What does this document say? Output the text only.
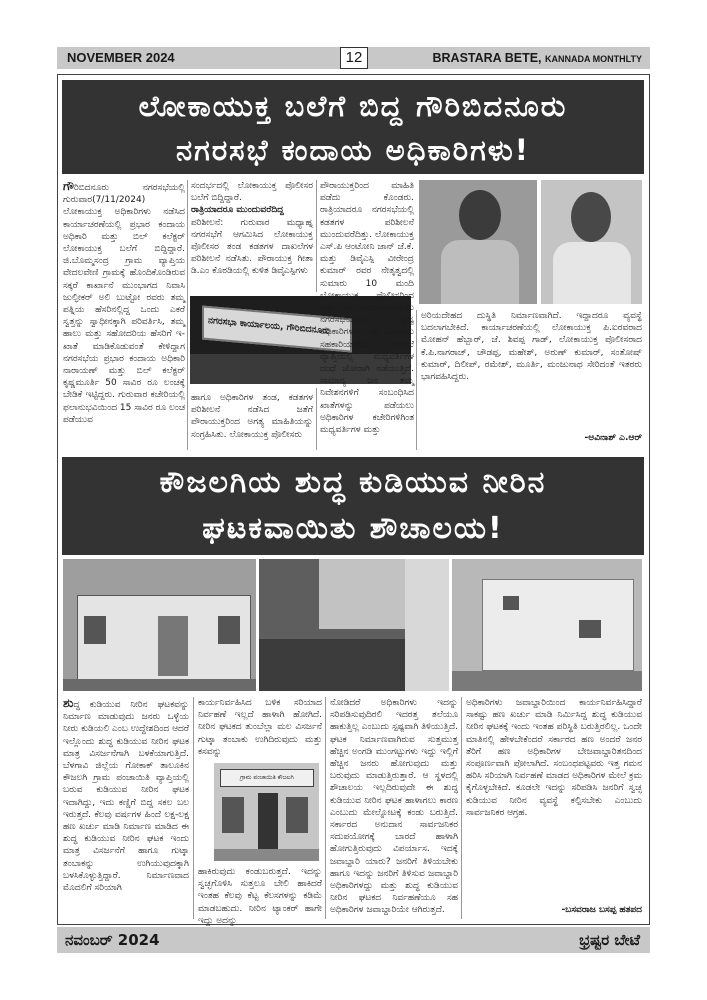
NOVEMBER 2024	12	BRASTARA BETE, KANNADA MONTHLTY
ಲೋಕಾಯುಕ್ತ ಬಲೆಗೆ ಬಿದ್ದ ಗೌರಿಬಿದನೂರು
ನಗರಸಭೆ ಕಂದಾಯ ಅಧಿಕಾರಿಗಳು!

ಗೌರಿಬಿದನೂರು ನಗರಸಭೆಯಲ್ಲಿ ಗುರುವಾರ(7/11/2024) ಲೋಕಾಯುಕ್ತ ಅಧಿಕಾರಿಗಳು ನಡೆಸಿದ ಕಾರ್ಯಾಚರಣೆಯಲ್ಲಿ ಪ್ರಭಾರ ಕಂದಾಯ ಅಧಿಕಾರಿ ಮತ್ತು ಬಿಲ್ ಕಲೆಕ್ಟರ್ ಲೋಕಾಯುಕ್ತ ಬಲೆಗೆ ಬಿದ್ದಿದ್ದಾರೆ. ಜಿ.ಬೊಮ್ಮಸಂದ್ರ ಗ್ರಾಮ ವ್ಯಾಪ್ತಿಯ ವೇದಲವೇಣಿ ಗ್ರಾಮಕ್ಕೆ ಹೊಂದಿಕೊಂಡಿರುವ ಸಕ್ಕರೆ ಕಾರ್ಖಾನೆ ಮುಂಭಾಗದ ನಿವಾಸಿ ಜುಲ್ಫೀಕರ್ ಅಲಿ ಬುಟ್ಟೋ ರವರು ತಮ್ಮ ಪತ್ನಿಯ ಹೆಸರಿನಲ್ಲಿದ್ದ ಒಂದು ಎಕರೆ ಸ್ವತ್ತನ್ನು ಸ್ವಾಧೀನಕ್ಕಾಗಿ ಪರಿವರ್ತಿಸಿ, ತಮ್ಮ ಹಾಲು ಮತ್ತು ಸಹೋದರಿಯ ಹೆಸರಿಗೆ ಇ-ಖಾತೆ ಮಾಡಿಕೊಡುವಂತೆ ಕೇಳಿದ್ದಾಗ ನಗರಸಭೆಯ ಪ್ರಭಾರ ಕಂದಾಯ ಅಧಿಕಾರಿ ನಾರಾಯಣ್ ಮತ್ತು ಬಿಲ್ ಕಲೆಕ್ಟರ್ ಕೃಷ್ಣಮೂರ್ತಿ 50 ಸಾವಿರ ರೂ ಲಂಚಕ್ಕೆ ಬೇಡಿಕೆ ಇಟ್ಟಿದ್ದರು. ಗುರುವಾರ ಕಚೇರಿಯಲ್ಲಿ ಫಲಾನುಭವಿಯಿಂದ 15 ಸಾವಿರ ರೂ ಲಂಚ ಪಡೆಯುವ

ಸಂದರ್ಭದಲ್ಲಿ ಲೋಕಾಯುಕ್ತ ಪೊಲೀಸರ ಬಲೆಗೆ ಬಿದ್ದಿದ್ದಾರೆ.

ರಾತ್ರಿಯಾದರೂ ಮುಂದುವರೆದಿದ್ದ

ಪರಿಶೀಲನೆ: ಗುರುವಾರ ಮಧ್ಯಾಹ್ನ ನಗರಸಭೆಗೆ ಆಗಮಿಸಿದ ಲೋಕಾಯುಕ್ತ ಪೊಲೀಸರ ತಂಡ ಕಡತಗಳ ದಾಖಲೆಗಳ ಪರಿಶೀಲನೆ ನಡೆಸಿತು. ಪೌರಾಯುಕ್ತ ಗೀತಾ ಡಿ.ಎಂ ಕೊಠಡಿಯಲ್ಲಿ ಕುಳಿತ ಡಿವೈಎಸ್ಪಿಗಳು

ನಗರಸಭಾ ಕಾರ್ಯಾಲಯ, ಗೌರಿಬಿದನೂರು

ಹಾಗೂ ಅಧಿಕಾರಿಗಳ ತಂಡ, ಕಡತಗಳ ಪರಿಶೀಲನೆ ನಡೆಸಿದ ಜತೆಗೆ ಪೌರಾಯುಕ್ತರಿಂದ ಅಗತ್ಯ ಮಾಹಿತಿಯನ್ನು ಸಂಗ್ರಹಿಸಿತು. ಲೋಕಾಯುಕ್ತ ಪೊಲೀಸರು

ಪೌರಾಯುಕ್ತರಿಂದ ಮಾಹಿತಿ ಪಡೆದು ಕೊಂಡರು. ರಾತ್ರಿಯಾದರೂ ನಗರಸಭೆಯಲ್ಲಿ ಕಡತಗಳ ಪರಿಶೀಲನೆ ಮುಂದುವರೆದಿತ್ತು. ಲೋಕಾಯುಕ್ತ ಎಸ್.ಪಿ ಆಂಟೋನಿ ಜಾನ್ ಜೆ.ಕೆ. ಮತ್ತು ಡಿವೈಎಸ್ಪಿ ವೀರೇಂದ್ರ ಕುಮಾರ್ ರವರ ನೇತೃತ್ವದಲ್ಲಿ ಸುಮಾರು 10 ಮಂದಿ ಲೋಕಾಯುಕ್ತ ಪೊಲೀಸರಿಂದ ನಡೆದ ಈ ಕಾರ್ಯಾಚರಣೆಯು ನಗರಸಭೆಯಲ್ಲಿನ ಭ್ರಷ್ಟ ಅಧಿಕಾರಿಗಳನ್ನು ಸರಿ ಹಿಡಿಯಲು ಸಹಕಾರಿಯಾಗಿದೆ. ನಗರಸಭೆ ವ್ಯಾಪ್ತಿಯಲ್ಲಿ ಮಧ್ಯವರ್ತಿಗಳ ದಂಧೆ ಜೋರಾಗಿ ನಡೆಯುತ್ತಿದೆ. ಸಾಮಾನ್ಯ ಜನ ತಮ್ಮ ನಿವೇಶನಗಳಿಗೆ ಸಂಬಂಧಿಸಿದ ಖಾತೆಗಳನ್ನು ಪಡೆಯಲು ಅಧಿಕಾರಿಗಳ ಕಚೇರಿಗಳಿಗಿಂತ ಮಧ್ಯವರ್ತಿಗಳ ಮತ್ತು

ಅರಿಯದೇಹದ ದುಸ್ಥಿತಿ ನಿರ್ಮಾಣವಾಗಿದೆ. ಇದ್ದಾದರೂ ವ್ಯವಸ್ಥೆ ಬದಲಾಗಬೇಕಿದೆ. ಕಾರ್ಯಾಚರಣೆಯಲ್ಲಿ ಲೋಕಾಯುಕ್ತ ಪಿ.ಐರವರಾದ ಮೋಹನ್ ಹೆಬ್ಬಾರ್, ಜೆ. ಶಿವಪ್ಪ ಗಾಡ್, ಲೋಕಾಯುಕ್ತ ಪೊಲೀಸರಾದ ಕೆ.ಪಿ.ನಾಗರಾಜ್, ಚೌಡಪ್ಪ, ಮಹೇಶ್, ಅರುಣ್ ಕುಮಾರ್, ಸಂತೋಷ್ ಕುಮಾರ್, ದಿಲೀಪ್, ರಮೇಶ್, ಮೂರ್ತಿ, ಮಂಜುನಾಥ ಸೇರಿದಂತೆ ಇತರರು ಭಾಗವಹಿಸಿದ್ದರು.

-ಅವಿನಾಶ್ ಎ.ಆರ್

ಕೌಜಲಗಿಯ ಶುದ್ಧ ಕುಡಿಯುವ ನೀರಿನ
ಘಟಕವಾಯಿತು ಶೌಚಾಲಯ!

ಶುದ್ಧ ಕುಡಿಯುವ ನೀರಿನ ಘಟಕವನ್ನು ನಿರ್ಮಾಣ ಮಾಡುವುದು ಜನರು ಒಳ್ಳೆಯ ನೀರು ಕುಡಿಯಲಿ ಎಂಬ ಉದ್ದೇಶದಿಂದ ಆದರೆ ಇಲ್ಲೊಂದು ಶುದ್ಧ ಕುಡಿಯುವ ನೀರಿನ ಘಟಕ ಮಾತ್ರ ವಿಸರ್ಜನೆಗಾಗಿ ಬಳಕೆಯಾಗುತ್ತಿದೆ. ಬೆಳಗಾವಿ ಜಿಲ್ಲೆಯ ಗೋಕಾಕ್ ತಾಲೂಕಿನ ಕೌಜಲಗಿ ಗ್ರಾಮ ಪಂಚಾಯಿತಿ ವ್ಯಾಪ್ತಿಯಲ್ಲಿ ಬರುವ ಕುಡಿಯುವ ನೀರಿನ ಘಟಕ ಇದಾಗಿದ್ದು, ಇದು ಕಣ್ಣಿಗೆ ಬಿದ್ದ ಸಕಲ ಬಲ ಇರುತ್ತದೆ. ಕೆಲವು ವರ್ಷಗಳ ಹಿಂದೆ ಲಕ್ಷ-ಲಕ್ಷ ಹಣ ಖರ್ಚು ಮಾಡಿ ನಿರ್ಮಾಣ ಮಾಡಿದ ಈ ಶುದ್ಧ ಕುಡಿಯುವ ನೀರಿನ ಘಟಕ ಇಂದು ಮಾತ್ರ ವಿಸರ್ಜನೆಗೆ ಹಾಗೂ ಗುಟ್ಕಾ ತಂಬಾಕನ್ನು ಉಗಿಯುವುದಕ್ಕಾಗಿ ಬಳಸಿಕೊಳ್ಳುತ್ತಿದ್ದಾರೆ. ನಿರ್ಮಾಣವಾದ ಮೊದಲಿಗೆ ಸರಿಯಾಗಿ

ಕಾರ್ಯನಿರ್ವಹಿಸಿದ ಬಳಿಕ ಸರಿಯಾದ ನಿರ್ವಹಣೆ ಇಲ್ಲದೆ ಹಾಳಾಗಿ ಹೋಗಿದೆ. ನೀರಿನ ಘಟಕದ ತುಂಬೆಲ್ಲಾ ಮಲ ವಿಸರ್ಜನೆ ಗುಟ್ಕಾ ತಂಬಾಕು ಉಗಿದಿರುವುದು ಮತ್ತು ಕಸವನ್ನು

ಗ್ರಾಮ ಪಂಚಾಯಿತಿ ಕೌಜಲಗಿ

ಹಾಕಿರುವುದು ಕಂಡುಬರುತ್ತದೆ. ಇದನ್ನು ಸ್ವಚ್ಛಗೊಳಿಸಿ ಸುತ್ತಲೂ ಬೇಲಿ ಹಾಕಿದರೆ ಇಂತಹ ಕೆಲವು ಕೆಟ್ಟ ಕೆಲಸಗಳನ್ನು ಕಡಿಮೆ ಮಾಡಬಹುದು. ನೀರಿನ ಟ್ಯಾಂಕರ್ ಹಾಗೇ ಇದ್ದು ಅದನ್ನು

ನೋಡಿದರೆ ಅಧಿಕಾರಿಗಳು ಇದನ್ನು ಸರಿಪಡಿಸುವುದಿರಲಿ ಇದರತ್ತ ತಲೆಯೂ ಹಾಕುತ್ತಿಲ್ಲ ಎಂಬುದು ಸ್ಪಷ್ಟವಾಗಿ ತಿಳಿಯುತ್ತಿದೆ. ಘಟಕ ನಿರ್ಮಾಣವಾಗಿರುವ ಸುತ್ತಮುತ್ತ ಹೆಚ್ಚಿನ ಅಂಗಡಿ ಮುಂಗಟ್ಟುಗಳು ಇದ್ದು ಇಲ್ಲಿಗೆ ಹೆಚ್ಚಿನ ಜನರು ಹೋಗುವುದು ಮತ್ತು ಬರುವುದು ಮಾಡುತ್ತಿರುತ್ತಾರೆ. ಆ ಸ್ಥಳದಲ್ಲಿ ಶೌಚಾಲಯ ಇಲ್ಲದಿರುವುದೇ ಈ ಶುದ್ಧ ಕುಡಿಯುವ ನೀರಿನ ಘಟಕ ಹಾಳಾಗಲು ಕಾರಣ ಎಂಬುದು ಮೇಲ್ನೋಟಕ್ಕೆ ಕಂಡು ಬರುತ್ತಿದೆ. ಸರ್ಕಾರದ ಅನುದಾನ ಸಾರ್ವಜನಿಕರ ಸದುಪಯೋಗಕ್ಕೆ ಬಾರದೆ ಹಾಳಾಗಿ ಹೋಗುತ್ತಿರುವುದು ವಿಪರ್ಯಾಸ. ಇದಕ್ಕೆ ಜವಾಬ್ದಾರಿ ಯಾರು? ಜನರಿಗೆ ತಿಳಿಯಬೇಕು ಹಾಗೂ ಇದನ್ನು ಜನರಿಗೆ ತಿಳಿಸುವ ಜವಾಬ್ದಾರಿ ಅಧಿಕಾರಿಗಳದ್ದು ಮತ್ತು ಶುದ್ಧ ಕುಡಿಯುವ ನೀರಿನ ಘಟಕದ ನಿರ್ವಹಣೆಯೂ ಸಹ ಅಧಿಕಾರಿಗಳ ಜವಾಬ್ದಾರಿಯೇ ಆಗಿರುತ್ತದೆ.

ಅಧಿಕಾರಿಗಳು ಜವಾಬ್ದಾರಿಯಿಂದ ಕಾರ್ಯನಿರ್ವಹಿಸಿದ್ದಾರೆ ಸಾಕಷ್ಟು ಹಣ ಖರ್ಚು ಮಾಡಿ ನಿರ್ಮಿಸಿದ್ದ ಶುದ್ಧ ಕುಡಿಯುವ ನೀರಿನ ಘಟಕಕ್ಕೆ ಇಂದು ಇಂತಹ ಪರಿಸ್ಥಿತಿ ಬರುತ್ತಿರಲಿಲ್ಲ. ಒಂದೇ ಮಾತಿನಲ್ಲಿ ಹೇಳಬೇಕೆಂದರೆ ಸರ್ಕಾರದ ಹಣ ಅಂದರೆ ಜನರ ತೆರಿಗೆ ಹಣ ಅಧಿಕಾರಿಗಳ ಬೇಜವಾಬ್ದಾರಿತನದಿಂದ ಸಂಪೂರ್ಣವಾಗಿ ಪೋಲಾಗಿದೆ. ಸಂಬಂಧಪಟ್ಟವರು ಇತ್ತ ಗಮನ ಹರಿಸಿ ಸರಿಯಾಗಿ ನಿರ್ವಹಣೆ ಮಾಡದ ಅಧಿಕಾರಿಗಳ ಮೇಲೆ ಕ್ರಮ ಕೈಗೊಳ್ಳಬೇಕಿದೆ. ಕೂಡಲೇ ಇದನ್ನು ಸರಿಪಡಿಸಿ ಜನರಿಗೆ ಸ್ವಚ್ಛ ಕುಡಿಯುವ ನೀರಿನ ವ್ಯವಸ್ಥೆ ಕಲ್ಪಿಸಬೇಕು ಎಂಬುದು ಸಾರ್ವಜನಿಕರ ಆಗ್ರಹ.

-ಬಸವರಾಜ ಬಸಪ್ಪ ಹತಪದ

ನವಂಬರ್ 2024	ಭ್ರಷ್ಟರ ಬೇಟೆ
